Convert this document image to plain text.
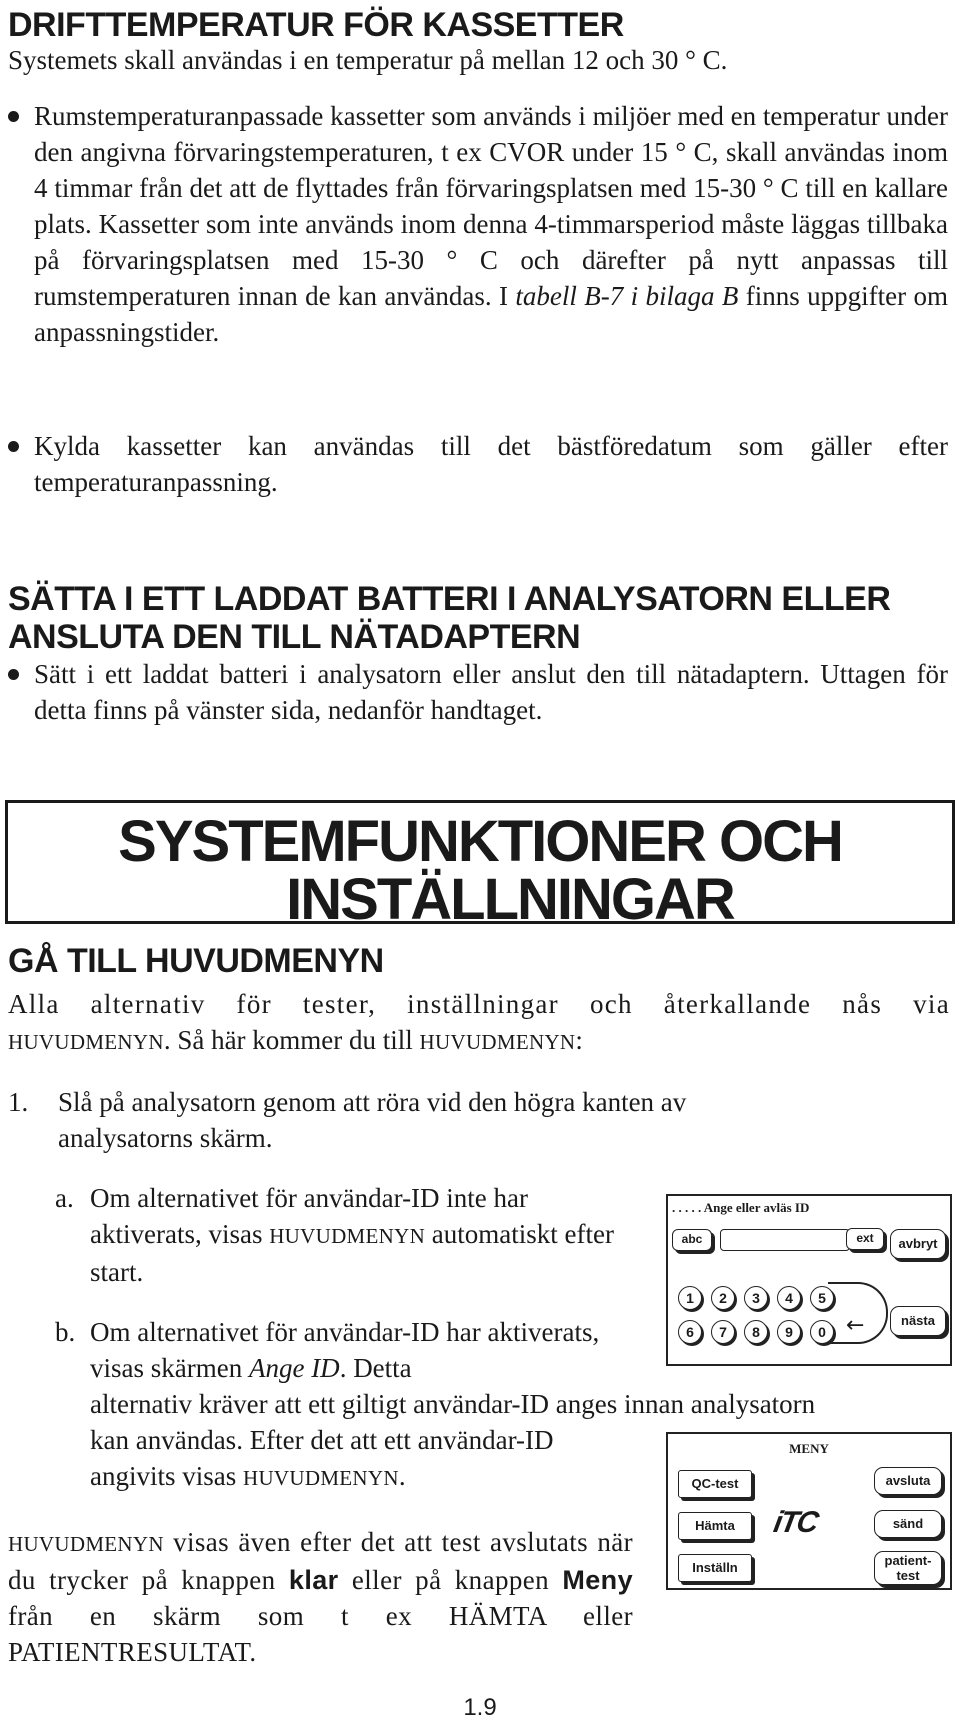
DRIFTTEMPERATUR FÖR KASSETTER
Systemets skall användas i en temperatur på mellan 12 och 30 ° C.
Rumstemperaturanpassade kassetter som används i miljöer med en temperatur under den angivna förvaringstemperaturen, t ex CVOR under 15 ° C, skall användas inom 4 timmar från det att de flyttades från förvaringsplatsen med 15-30 ° C till en kallare plats. Kassetter som inte används inom denna 4-timmarsperiod måste läggas tillbaka på förvaringsplatsen med 15-30 ° C och därefter på nytt anpassas till rumstemperaturen innan de kan användas. I tabell B-7 i bilaga B finns uppgifter om anpassningstider.
Kylda kassetter kan användas till det bästföredatum som gäller efter temperaturanpassning.
SÄTTA I ETT LADDAT BATTERI I ANALYSATORN ELLER
ANSLUTA DEN TILL NÄTADAPTERN
Sätt i ett laddat batteri i analysatorn eller anslut den till nätadaptern. Uttagen för detta finns på vänster sida, nedanför handtaget.
SYSTEMFUNKTIONER OCH
INSTÄLLNINGAR
GÅ TILL HUVUDMENYN
Alla alternativ för tester, inställningar och återkallande nås via
HUVUDMENYN. Så här kommer du till HUVUDMENYN:
1. Slå på analysatorn genom att röra vid den högra kanten av analysatorns skärm.
a. Om alternativet för användar-ID inte har aktiverats, visas HUVUDMENYN automatiskt efter start.
b. Om alternativet för användar-ID har aktiverats, visas skärmen Ange ID. Detta
alternativ kräver att ett giltigt användar-ID anges innan analysatorn
kan användas. Efter det att ett användar-ID angivits visas HUVUDMENYN.
HUVUDMENYN visas även efter det att test avslutats när du trycker på knappen klar eller på knappen Meny från en skärm som t ex HÄMTA eller PATIENTRESULTAT.
. . . . . Ange eller avläs ID
abc	ext	avbryt
1	2	3	4	5
6	7	8	9	0 ←	nästa
MENY
QC-test
Hämta
Inställn
iTC
avsluta
sänd
patient-
test
1.9
